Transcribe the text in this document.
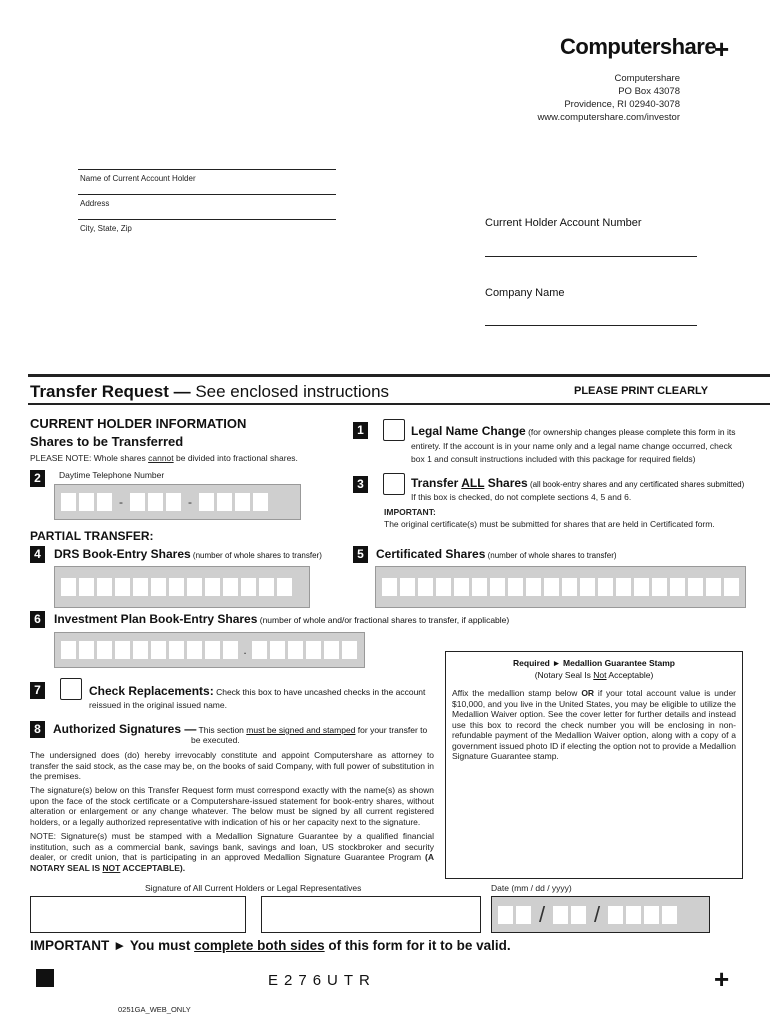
Computershare
+
Computershare
PO Box 43078
Providence, RI 02940-3078
www.computershare.com/investor
Name of Current Account Holder
Address
City, State, Zip	Current Holder Account Number
Company Name
Transfer Request — See enclosed instructions	PLEASE PRINT CLEARLY
CURRENT HOLDER INFORMATION
Shares to be Transferred
PLEASE NOTE: Whole shares cannot be divided into fractional shares.
2	Daytime Telephone Number
-	-
1	Legal Name Change (for ownership changes please complete this form in its
entirety. If the account is in your name only and a legal name change occurred, check
box 1 and consult instructions included with this package for required fields)
3	Transfer ALL Shares (all book-entry shares and any certificated shares submitted)
If this box is checked, do not complete sections 4, 5 and 6.
IMPORTANT:
The original certificate(s) must be submitted for shares that are held in Certificated form.
PARTIAL TRANSFER:
4	DRS Book-Entry Shares (number of whole shares to transfer)	5	Certificated Shares (number of whole shares to transfer)
6	Investment Plan Book-Entry Shares (number of whole and/or fractional shares to transfer, if applicable)
.
Required ► Medallion Guarantee Stamp
(Notary Seal Is Not Acceptable)
Affix the medallion stamp below OR if your total account value is under $10,000, and you live in the United States, you may be eligible to utilize the Medallion Waiver option. See the cover letter for further details and instead use this box to record the check number you will be enclosing in non-refundable payment of the Medallion Waiver option, along with a copy of a government issued photo ID if electing the option not to provide a Medallion Signature Guarantee stamp.
7	Check Replacements: Check this box to have uncashed checks in the account
reissued in the original issued name.
8	Authorized Signatures — This section must be signed and stamped for your transfer to
be executed.
The undersigned does (do) hereby irrevocably constitute and appoint Computershare as attorney to transfer the said stock, as the case may be, on the books of said Company, with full power of substitution in the premises.
The signature(s) below on this Transfer Request form must correspond exactly with the name(s) as shown upon the face of the stock certificate or a Computershare-issued statement for book-entry shares, without alteration or enlargement or any change whatever. The below must be signed by all current registered holders, or a legally authorized representative with indication of his or her capacity next to the signature.
NOTE: Signature(s) must be stamped with a Medallion Signature Guarantee by a qualified financial institution, such as a commercial bank, savings bank, savings and loan, US stockbroker and security dealer, or credit union, that is participating in an approved Medallion Signature Guarantee Program (A NOTARY SEAL IS NOT ACCEPTABLE).
Signature of All Current Holders or Legal Representatives	Date (mm / dd / yyyy)
/ /
IMPORTANT ► You must complete both sides of this form for it to be valid.
E276UTR	+
0251GA_WEB_ONLY
